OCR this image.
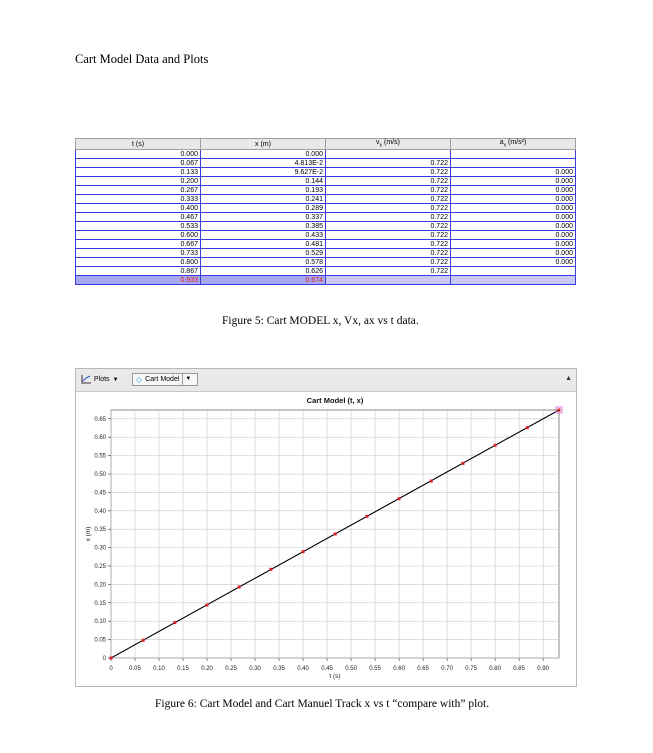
Cart Model Data and Plots
t (s)	x (m)	$v_x$ (m/s)	$a_x$ (m/s²)
0.000	0.000		
0.067	4.813E-2	0.722	
0.133	9.627E-2	0.722	0.000
0.200	0.144	0.722	0.000
0.267	0.193	0.722	0.000
0.333	0.241	0.722	0.000
0.400	0.289	0.722	0.000
0.467	0.337	0.722	0.000
0.533	0.385	0.722	0.000
0.600	0.433	0.722	0.000
0.667	0.481	0.722	0.000
0.733	0.529	0.722	0.000
0.800	0.578	0.722	0.000
0.867	0.626	0.722	
0.933	0.674		
Figure 5: Cart MODEL x, Vx, ax vs t data.
Plots ▼ ◇ Cart Model	▼	▲
0	0.05 0.10 0.15 0.20 0.25 0.30 0.35 0.40 0.45 0.50 0.55 0.60 0.65 0.70 0.75 0.80 0.85 0.90
0
0.05
0.10
0.15
0.20
0.25
0.30
0.35
0.40
0.45
0.50
0.55
0.60
0.65
Cart Model (t, x)
t (s)
x (m)
Figure 6: Cart Model and Cart Manuel Track x vs t “compare with” plot.
